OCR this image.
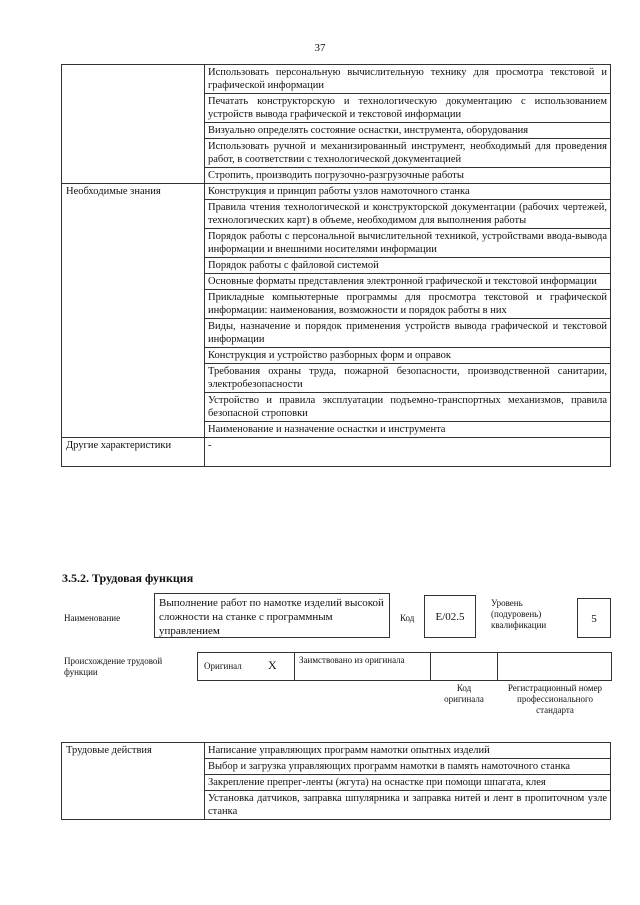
37
	Использовать персональную вычислительную технику для просмотра текстовой и графической информации
	Печатать конструкторскую и технологическую документацию с использованием устройств вывода графической и текстовой информации
	Визуально определять состояние оснастки, инструмента, оборудования
	Использовать ручной и механизированный инструмент, необходимый для проведения работ, в соответствии с технологической документацией
	Стропить, производить погрузочно-разгрузочные работы
Необходимые знания	Конструкция и принцип работы узлов намоточного станка
	Правила чтения технологической и конструкторской документации (рабочих чертежей, технологических карт) в объеме, необходимом для выполнения работы
	Порядок работы с персональной вычислительной техникой, устройствами ввода-вывода информации и внешними носителями информации
	Порядок работы с файловой системой
	Основные форматы представления электронной графической и текстовой информации
	Прикладные компьютерные программы для просмотра текстовой и графической информации: наименования, возможности и порядок работы в них
	Виды, назначение и порядок применения устройств вывода графической и текстовой информации
	Конструкция и устройство разборных форм и оправок
	Требования охраны труда, пожарной безопасности, производственной санитарии, электробезопасности
	Устройство и правила эксплуатации подъемно-транспортных механизмов, правила безопасной строповки
	Наименование и назначение оснастки и инструмента
Другие характеристики	-
3.5.2. Трудовая функция
Наименование
Выполнение работ по намотке изделий высокой сложности на станке с программным управлением
Код	E/02.5
Уровень (подуровень) квалификации	5
Происхождение трудовой функции
Оригинал X Заимствовано из оригинала
Код оригинала
Регистрационный номер профессионального стандарта
Трудовые действия	Написание управляющих программ намотки опытных изделий
Выбор и загрузка управляющих программ намотки в память намоточного станка
Закрепление препрег-ленты (жгута) на оснастке при помощи шпагата, клея
Установка датчиков, заправка шпулярника и заправка нитей и лент в пропиточном узле станка
